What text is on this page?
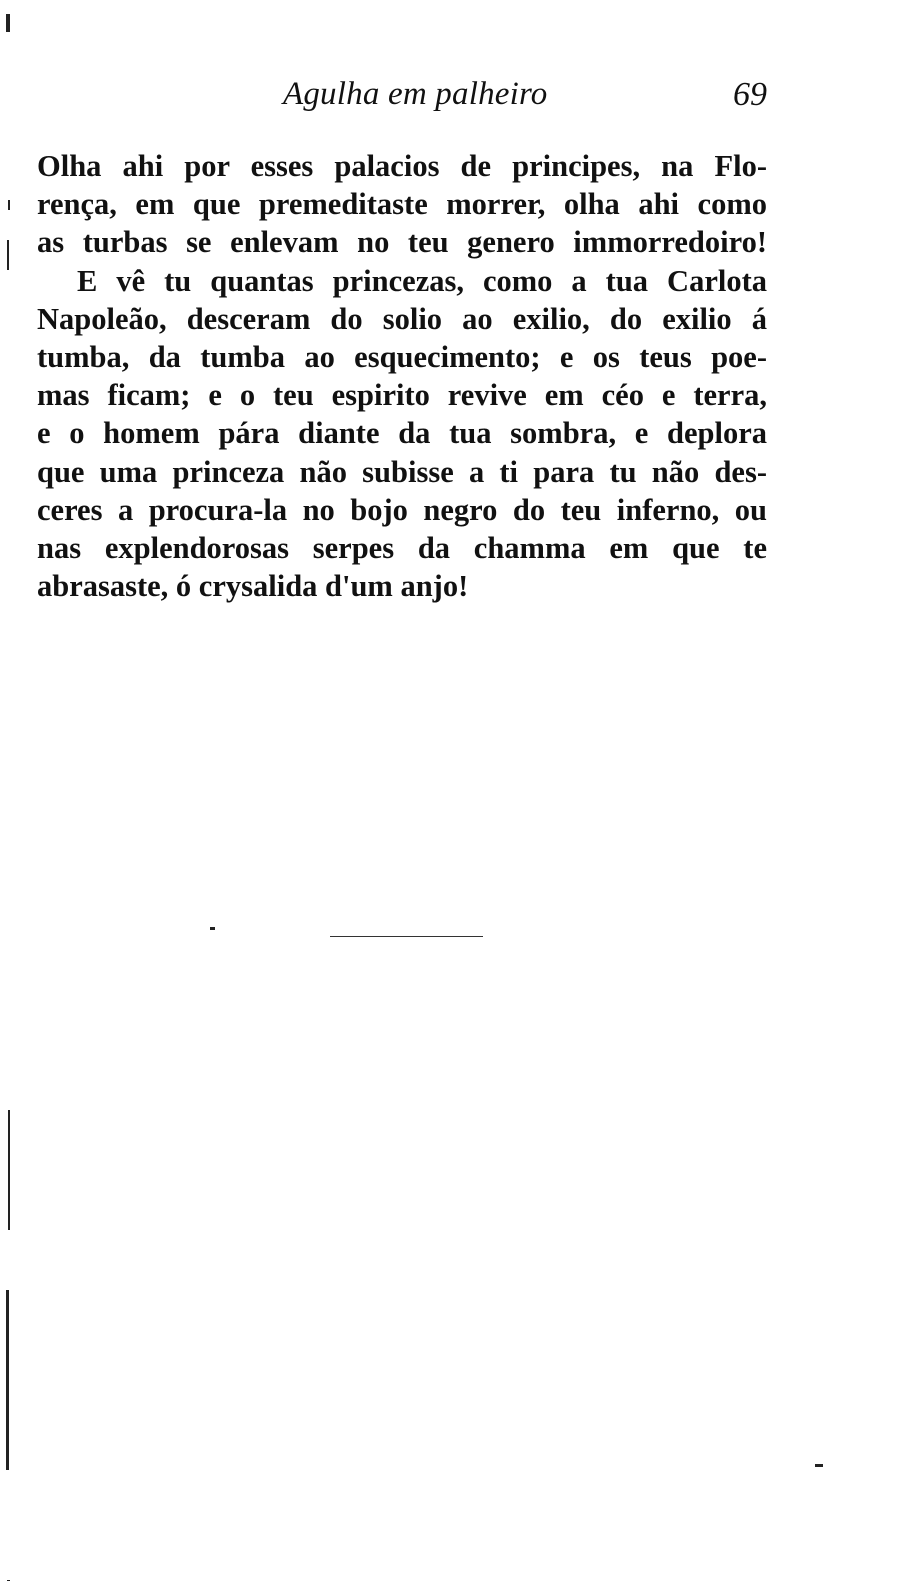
Agulha em palheiro	69
Olha ahi por esses palacios de principes, na Flo-
rença, em que premeditaste morrer, olha ahi como
as turbas se enlevam no teu genero immorredoiro!
E vê tu quantas princezas, como a tua Carlota
Napoleão, desceram do solio ao exilio, do exilio á
tumba, da tumba ao esquecimento; e os teus poe-
mas ficam; e o teu espirito revive em céo e terra,
e o homem pára diante da tua sombra, e deplora
que uma princeza não subisse a ti para tu não des-
ceres a procura-la no bojo negro do teu inferno, ou
nas explendorosas serpes da chamma em que te
abrasaste, ó crysalida d'um anjo!
